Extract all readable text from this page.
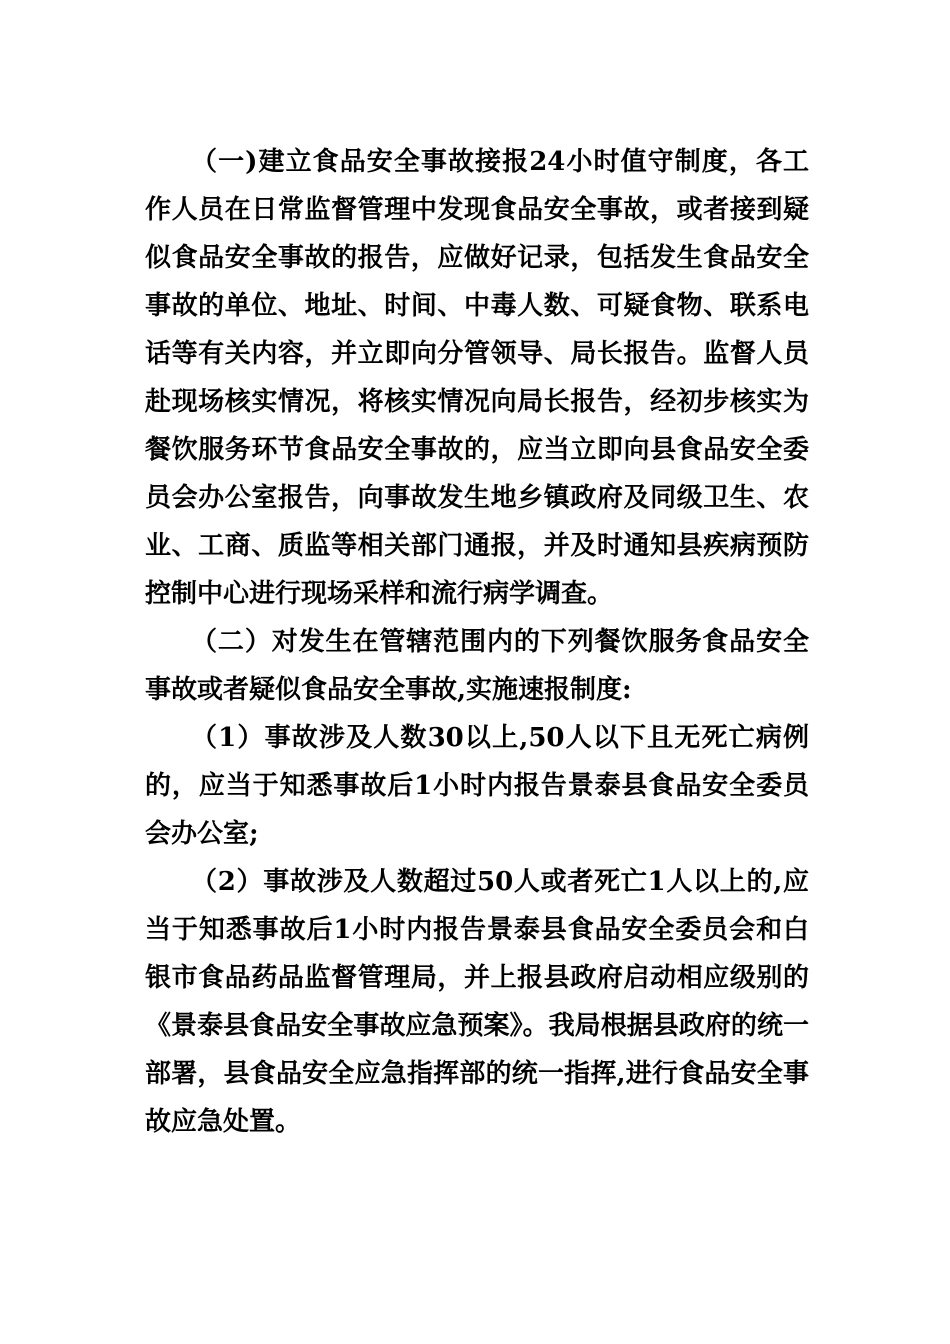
（一)建立食品安全事故接报24小时值守制度，各工作人员在日常监督管理中发现食品安全事故，或者接到疑似食品安全事故的报告，应做好记录，包括发生食品安全事故的单位、地址、时间、中毒人数、可疑食物、联系电话等有关内容，并立即向分管领导、局长报告。监督人员赴现场核实情况，将核实情况向局长报告，经初步核实为餐饮服务环节食品安全事故的，应当立即向县食品安全委员会办公室报告，向事故发生地乡镇政府及同级卫生、农业、工商、质监等相关部门通报，并及时通知县疾病预防控制中心进行现场采样和流行病学调查。

（二）对发生在管辖范围内的下列餐饮服务食品安全事故或者疑似食品安全事故,实施速报制度:

（1）事故涉及人数30以上,50人以下且无死亡病例的，应当于知悉事故后1小时内报告景泰县食品安全委员会办公室;

（2）事故涉及人数超过50人或者死亡1人以上的,应当于知悉事故后1小时内报告景泰县食品安全委员会和白银市食品药品监督管理局，并上报县政府启动相应级别的《景泰县食品安全事故应急预案》。我局根据县政府的统一部署，县食品安全应急指挥部的统一指挥,进行食品安全事故应急处置。
